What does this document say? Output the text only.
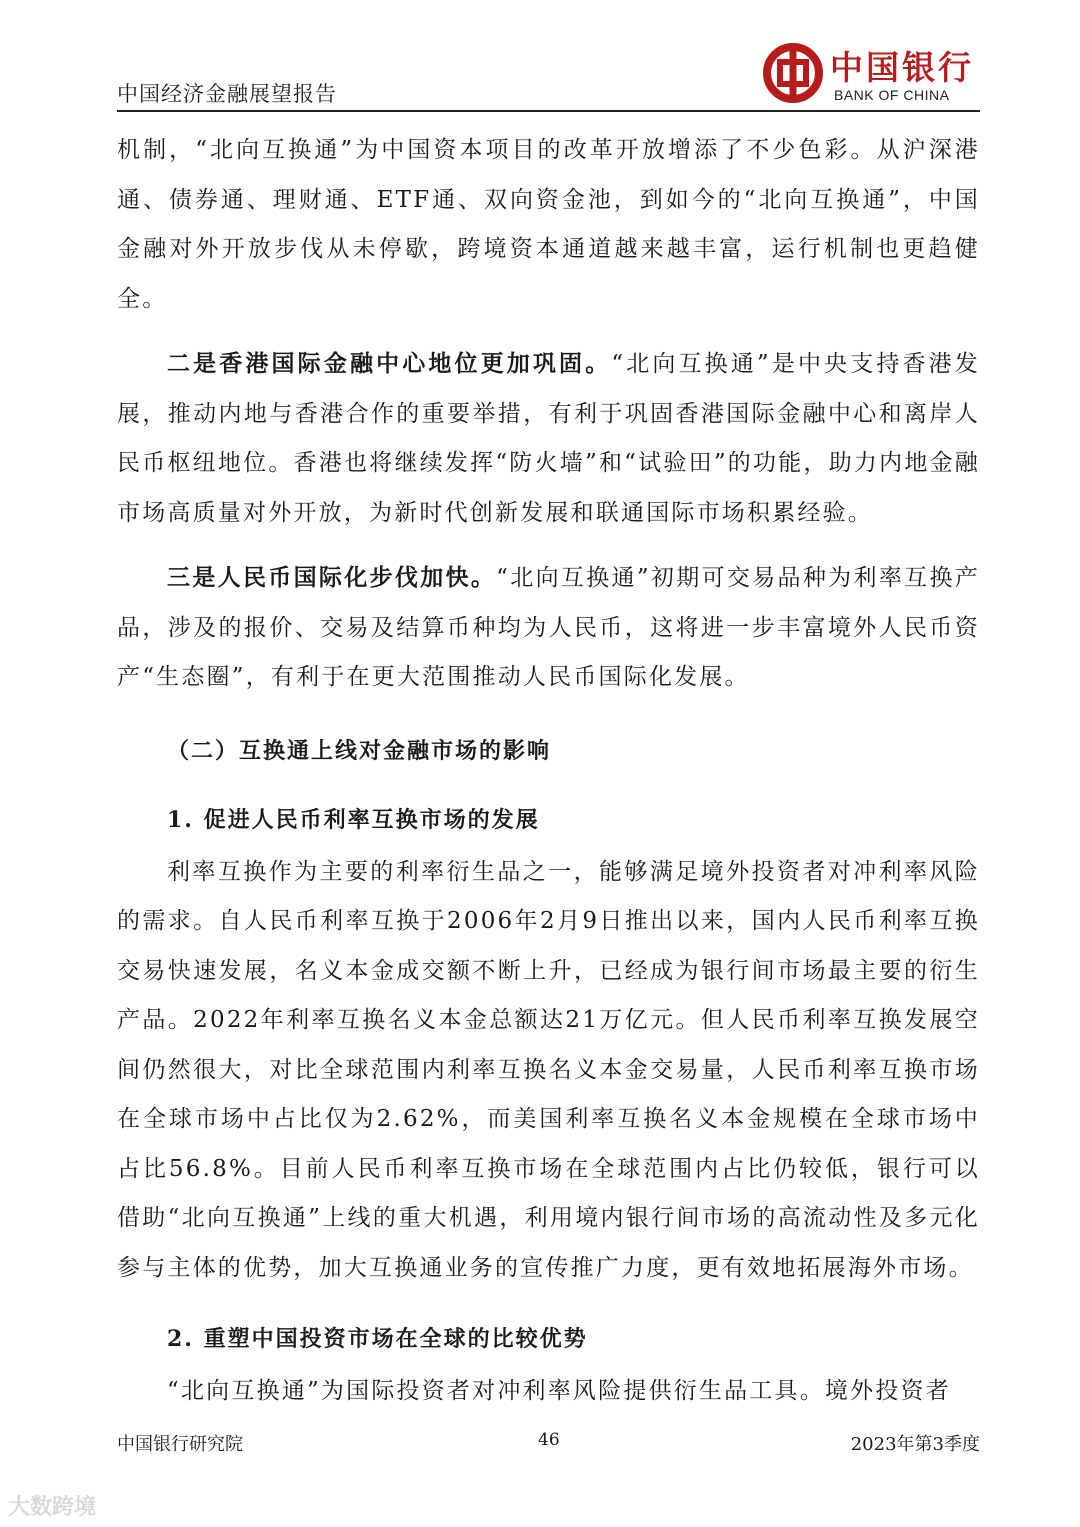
中国经济金融展望报告
中国银行
BANK OF CHINA

机制，“北向互换通”为中国资本项目的改革开放增添了不少色彩。从沪深港通、债券通、理财通、ETF通、双向资金池，到如今的“北向互换通”，中国金融对外开放步伐从未停歇，跨境资本通道越来越丰富，运行机制也更趋健全。

二是香港国际金融中心地位更加巩固。“北向互换通”是中央支持香港发展，推动内地与香港合作的重要举措，有利于巩固香港国际金融中心和离岸人民币枢纽地位。香港也将继续发挥“防火墙”和“试验田”的功能，助力内地金融市场高质量对外开放，为新时代创新发展和联通国际市场积累经验。

三是人民币国际化步伐加快。“北向互换通”初期可交易品种为利率互换产品，涉及的报价、交易及结算币种均为人民币，这将进一步丰富境外人民币资产“生态圈”，有利于在更大范围推动人民币国际化发展。

（二）互换通上线对金融市场的影响

1. 促进人民币利率互换市场的发展

利率互换作为主要的利率衍生品之一，能够满足境外投资者对冲利率风险的需求。自人民币利率互换于2006年2月9日推出以来，国内人民币利率互换交易快速发展，名义本金成交额不断上升，已经成为银行间市场最主要的衍生产品。2022年利率互换名义本金总额达21万亿元。但人民币利率互换发展空间仍然很大，对比全球范围内利率互换名义本金交易量，人民币利率互换市场在全球市场中占比仅为2.62%，而美国利率互换名义本金规模在全球市场中占比56.8%。目前人民币利率互换市场在全球范围内占比仍较低，银行可以借助“北向互换通”上线的重大机遇，利用境内银行间市场的高流动性及多元化参与主体的优势，加大互换通业务的宣传推广力度，更有效地拓展海外市场。

2. 重塑中国投资市场在全球的比较优势

“北向互换通”为国际投资者对冲利率风险提供衍生品工具。境外投资者

中国银行研究院	46	2023年第3季度
大数跨境
